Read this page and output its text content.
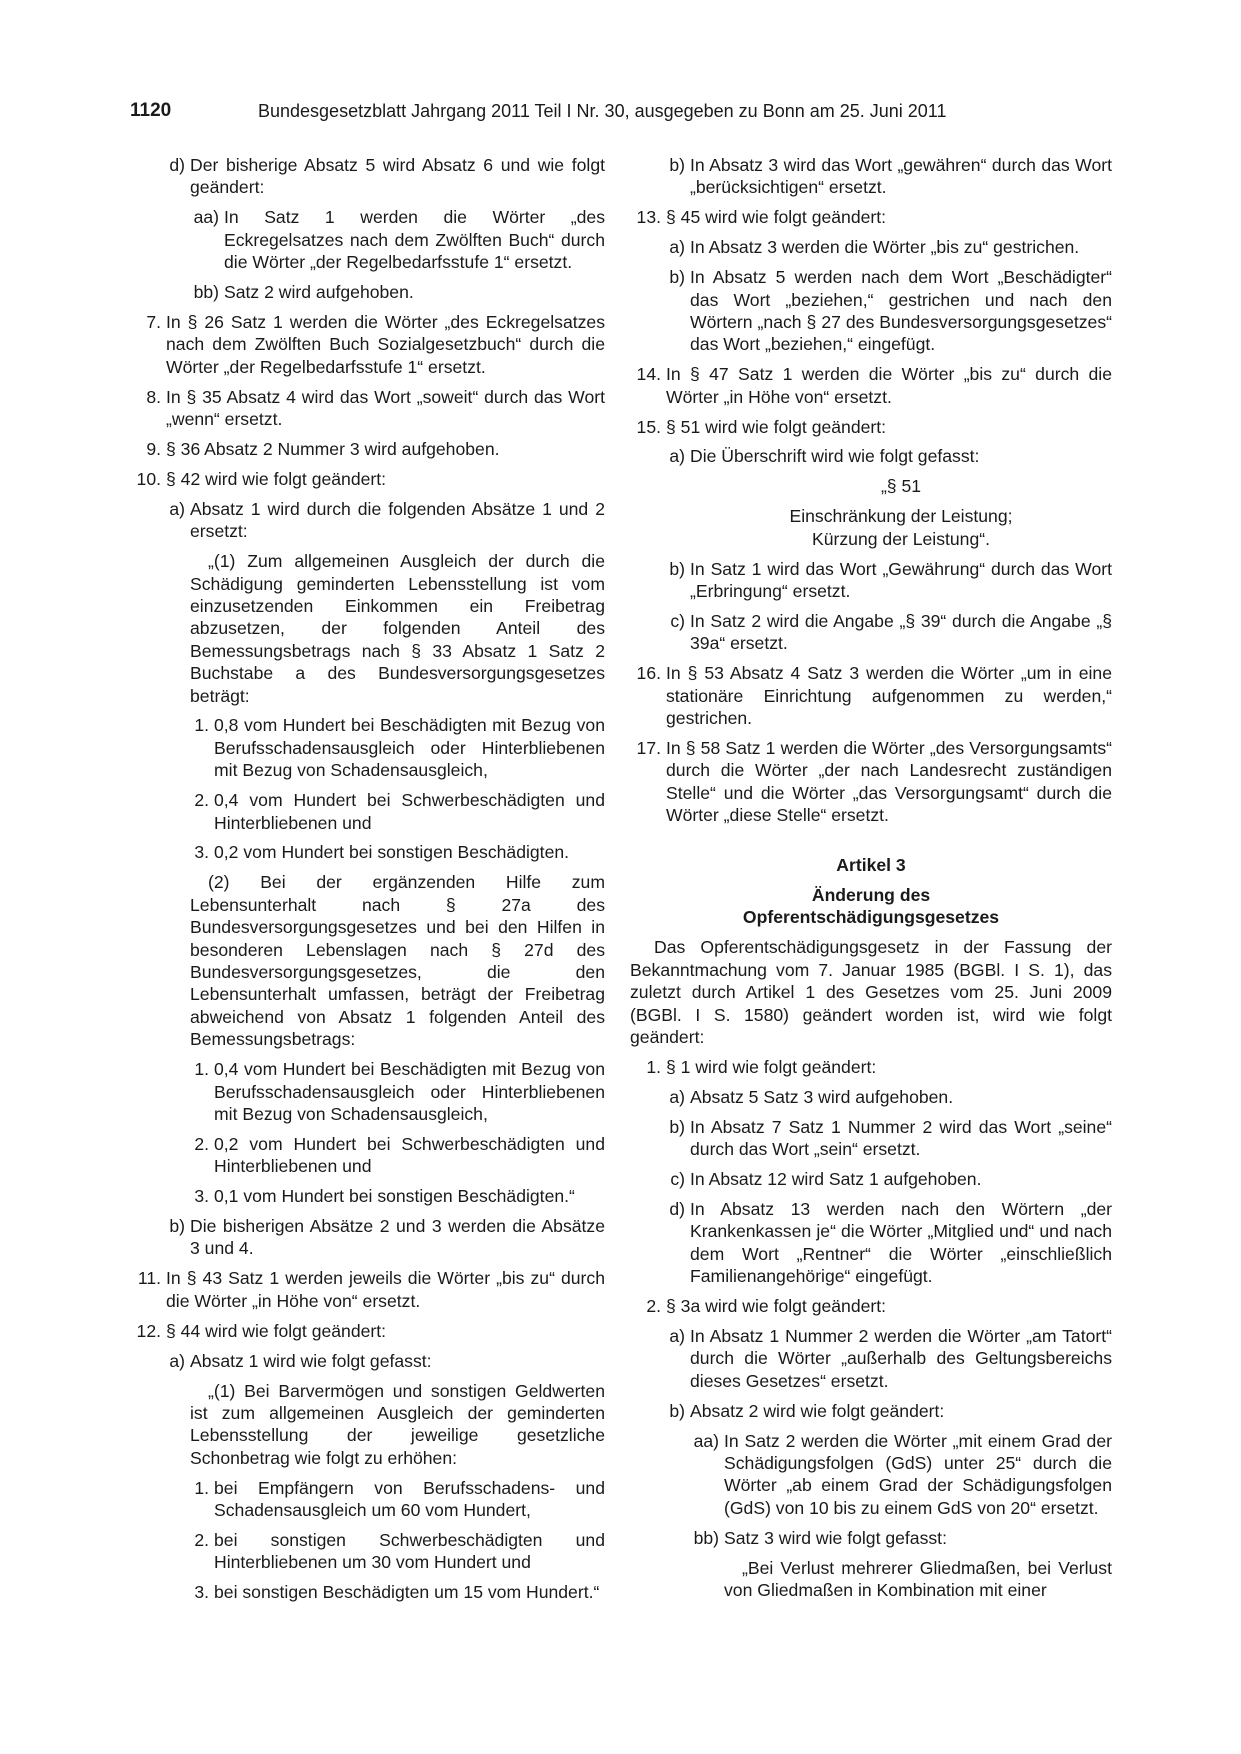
1120	Bundesgesetzblatt Jahrgang 2011 Teil I Nr. 30, ausgegeben zu Bonn am 25. Juni 2011
d) Der bisherige Absatz 5 wird Absatz 6 und wie folgt geändert:
aa) In Satz 1 werden die Wörter „des Eckregelsatzes nach dem Zwölften Buch“ durch die Wörter „der Regelbedarfsstufe 1“ ersetzt.
bb) Satz 2 wird aufgehoben.
7. In § 26 Satz 1 werden die Wörter „des Eckregelsatzes nach dem Zwölften Buch Sozialgesetzbuch“ durch die Wörter „der Regelbedarfsstufe 1“ ersetzt.
8. In § 35 Absatz 4 wird das Wort „soweit“ durch das Wort „wenn“ ersetzt.
9. § 36 Absatz 2 Nummer 3 wird aufgehoben.
10. § 42 wird wie folgt geändert:
a) Absatz 1 wird durch die folgenden Absätze 1 und 2 ersetzt:
„(1) Zum allgemeinen Ausgleich der durch die Schädigung geminderten Lebensstellung ist vom einzusetzenden Einkommen ein Freibetrag abzusetzen, der folgenden Anteil des Bemessungsbetrags nach § 33 Absatz 1 Satz 2 Buchstabe a des Bundesversorgungsgesetzes beträgt:
1. 0,8 vom Hundert bei Beschädigten mit Bezug von Berufsschadensausgleich oder Hinterbliebenen mit Bezug von Schadensausgleich,
2. 0,4 vom Hundert bei Schwerbeschädigten und Hinterbliebenen und
3. 0,2 vom Hundert bei sonstigen Beschädigten.
(2) Bei der ergänzenden Hilfe zum Lebensunterhalt nach § 27a des Bundesversorgungsgesetzes und bei den Hilfen in besonderen Lebenslagen nach § 27d des Bundesversorgungsgesetzes, die den Lebensunterhalt umfassen, beträgt der Freibetrag abweichend von Absatz 1 folgenden Anteil des Bemessungsbetrags:
1. 0,4 vom Hundert bei Beschädigten mit Bezug von Berufsschadensausgleich oder Hinterbliebenen mit Bezug von Schadensausgleich,
2. 0,2 vom Hundert bei Schwerbeschädigten und Hinterbliebenen und
3. 0,1 vom Hundert bei sonstigen Beschädigten.“
b) Die bisherigen Absätze 2 und 3 werden die Absätze 3 und 4.
11. In § 43 Satz 1 werden jeweils die Wörter „bis zu“ durch die Wörter „in Höhe von“ ersetzt.
12. § 44 wird wie folgt geändert:
a) Absatz 1 wird wie folgt gefasst:
„(1) Bei Barvermögen und sonstigen Geldwerten ist zum allgemeinen Ausgleich der geminderten Lebensstellung der jeweilige gesetzliche Schonbetrag wie folgt zu erhöhen:
1. bei Empfängern von Berufsschadens- und Schadensausgleich um 60 vom Hundert,
2. bei sonstigen Schwerbeschädigten und Hinterbliebenen um 30 vom Hundert und
3. bei sonstigen Beschädigten um 15 vom Hundert.“
b) In Absatz 3 wird das Wort „gewähren“ durch das Wort „berücksichtigen“ ersetzt.
13. § 45 wird wie folgt geändert:
a) In Absatz 3 werden die Wörter „bis zu“ gestrichen.
b) In Absatz 5 werden nach dem Wort „Beschädigter“ das Wort „beziehen,“ gestrichen und nach den Wörtern „nach § 27 des Bundesversorgungsgesetzes“ das Wort „beziehen,“ eingefügt.
14. In § 47 Satz 1 werden die Wörter „bis zu“ durch die Wörter „in Höhe von“ ersetzt.
15. § 51 wird wie folgt geändert:
a) Die Überschrift wird wie folgt gefasst:
„§ 51
Einschränkung der Leistung;
Kürzung der Leistung“.
b) In Satz 1 wird das Wort „Gewährung“ durch das Wort „Erbringung“ ersetzt.
c) In Satz 2 wird die Angabe „§ 39“ durch die Angabe „§ 39a“ ersetzt.
16. In § 53 Absatz 4 Satz 3 werden die Wörter „um in eine stationäre Einrichtung aufgenommen zu werden,“ gestrichen.
17. In § 58 Satz 1 werden die Wörter „des Versorgungsamts“ durch die Wörter „der nach Landesrecht zuständigen Stelle“ und die Wörter „das Versorgungsamt“ durch die Wörter „diese Stelle“ ersetzt.
Artikel 3
Änderung des
Opferentschädigungsgesetzes
Das Opferentschädigungsgesetz in der Fassung der Bekanntmachung vom 7. Januar 1985 (BGBl. I S. 1), das zuletzt durch Artikel 1 des Gesetzes vom 25. Juni 2009 (BGBl. I S. 1580) geändert worden ist, wird wie folgt geändert:
1. § 1 wird wie folgt geändert:
a) Absatz 5 Satz 3 wird aufgehoben.
b) In Absatz 7 Satz 1 Nummer 2 wird das Wort „seine“ durch das Wort „sein“ ersetzt.
c) In Absatz 12 wird Satz 1 aufgehoben.
d) In Absatz 13 werden nach den Wörtern „der Krankenkassen je“ die Wörter „Mitglied und“ und nach dem Wort „Rentner“ die Wörter „einschließlich Familienangehörige“ eingefügt.
2. § 3a wird wie folgt geändert:
a) In Absatz 1 Nummer 2 werden die Wörter „am Tatort“ durch die Wörter „außerhalb des Geltungsbereichs dieses Gesetzes“ ersetzt.
b) Absatz 2 wird wie folgt geändert:
aa) In Satz 2 werden die Wörter „mit einem Grad der Schädigungsfolgen (GdS) unter 25“ durch die Wörter „ab einem Grad der Schädigungsfolgen (GdS) von 10 bis zu einem GdS von 20“ ersetzt.
bb) Satz 3 wird wie folgt gefasst:
„Bei Verlust mehrerer Gliedmaßen, bei Verlust von Gliedmaßen in Kombination mit einer
